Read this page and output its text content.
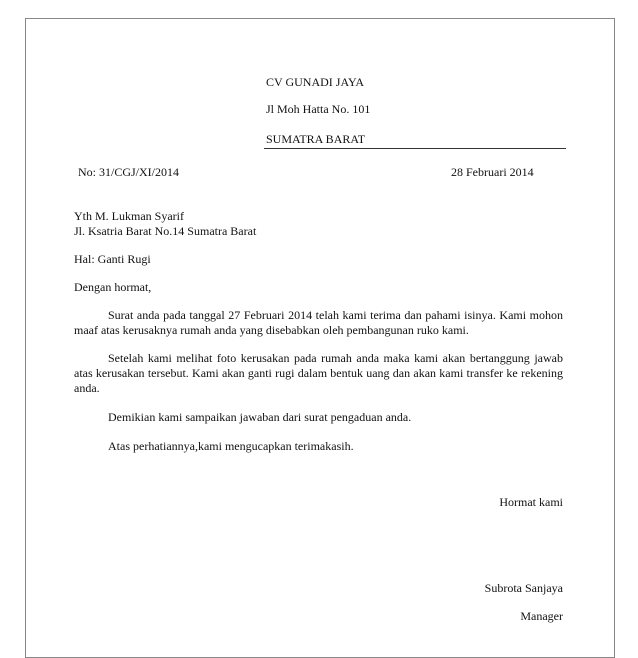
CV GUNADI JAYA
Jl Moh Hatta No. 101
SUMATRA BARAT
No: 31/CGJ/XI/2014	28 Februari 2014
Yth M. Lukman Syarif
Jl. Ksatria Barat No.14 Sumatra Barat
Hal: Ganti Rugi
Dengan hormat,
Surat anda pada tanggal 27 Februari 2014 telah kami terima dan pahami isinya. Kami mohon maaf atas kerusaknya rumah anda yang disebabkan oleh pembangunan ruko kami.
Setelah kami melihat foto kerusakan pada rumah anda maka kami akan bertanggung jawab atas kerusakan tersebut. Kami akan ganti rugi dalam bentuk uang dan akan kami transfer ke rekening anda.
Demikian kami sampaikan jawaban dari surat pengaduan anda.
Atas perhatiannya,kami mengucapkan terimakasih.
Hormat kami
Subrota Sanjaya
Manager
